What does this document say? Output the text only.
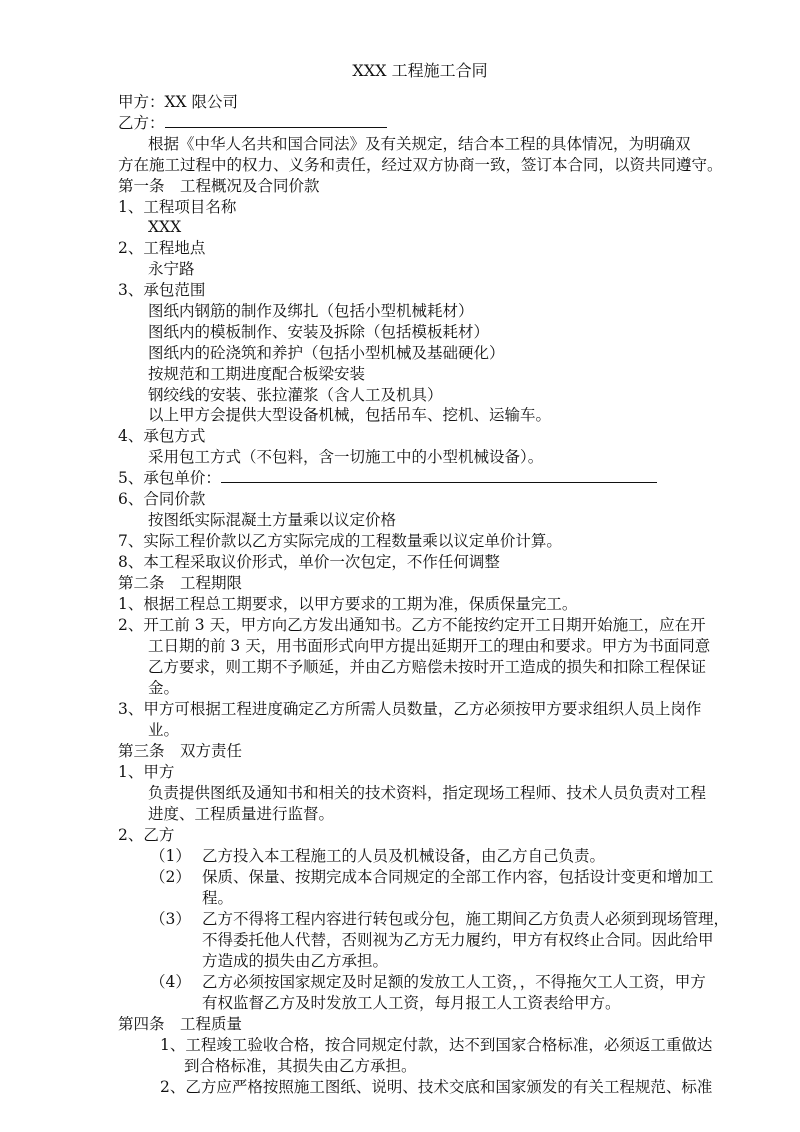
XXX 工程施工合同
甲方：XX 限公司
乙方：
根据《中华人名共和国合同法》及有关规定，结合本工程的具体情况，为明确双
方在施工过程中的权力、义务和责任，经过双方协商一致，签订本合同，以资共同遵守。
第一条　工程概况及合同价款
1、工程项目名称
XXX
2、工程地点
永宁路
3、承包范围
图纸内钢筋的制作及绑扎（包括小型机械耗材）
图纸内的模板制作、安装及拆除（包括模板耗材）
图纸内的砼浇筑和养护（包括小型机械及基础硬化）
按规范和工期进度配合板梁安装
钢绞线的安装、张拉灌浆（含人工及机具）
以上甲方会提供大型设备机械，包括吊车、挖机、运输车。
4、承包方式
采用包工方式（不包料，含一切施工中的小型机械设备）。
5、承包单价：
6、合同价款
按图纸实际混凝土方量乘以议定价格
7、实际工程价款以乙方实际完成的工程数量乘以议定单价计算。
8、本工程采取议价形式，单价一次包定，不作任何调整
第二条　工程期限
1、根据工程总工期要求，以甲方要求的工期为准，保质保量完工。
2、开工前 3 天，甲方向乙方发出通知书。乙方不能按约定开工日期开始施工，应在开
工日期的前 3 天，用书面形式向甲方提出延期开工的理由和要求。甲方为书面同意
乙方要求，则工期不予顺延，并由乙方赔偿未按时开工造成的损失和扣除工程保证
金。
3、甲方可根据工程进度确定乙方所需人员数量，乙方必须按甲方要求组织人员上岗作
业。
第三条　双方责任
1、甲方
负责提供图纸及通知书和相关的技术资料，指定现场工程师、技术人员负责对工程
进度、工程质量进行监督。
2、乙方
（1） 乙方投入本工程施工的人员及机械设备，由乙方自己负责。
（2） 保质、保量、按期完成本合同规定的全部工作内容，包括设计变更和增加工
程。
（3） 乙方不得将工程内容进行转包或分包，施工期间乙方负责人必须到现场管理，
不得委托他人代替，否则视为乙方无力履约，甲方有权终止合同。因此给甲
方造成的损失由乙方承担。
（4） 乙方必须按国家规定及时足额的发放工人工资，，不得拖欠工人工资，甲方
有权监督乙方及时发放工人工资，每月报工人工资表给甲方。
第四条　工程质量
1、工程竣工验收合格，按合同规定付款，达不到国家合格标准，必须返工重做达
到合格标准，其损失由乙方承担。
2、乙方应严格按照施工图纸、说明、技术交底和国家颁发的有关工程规范、标准
